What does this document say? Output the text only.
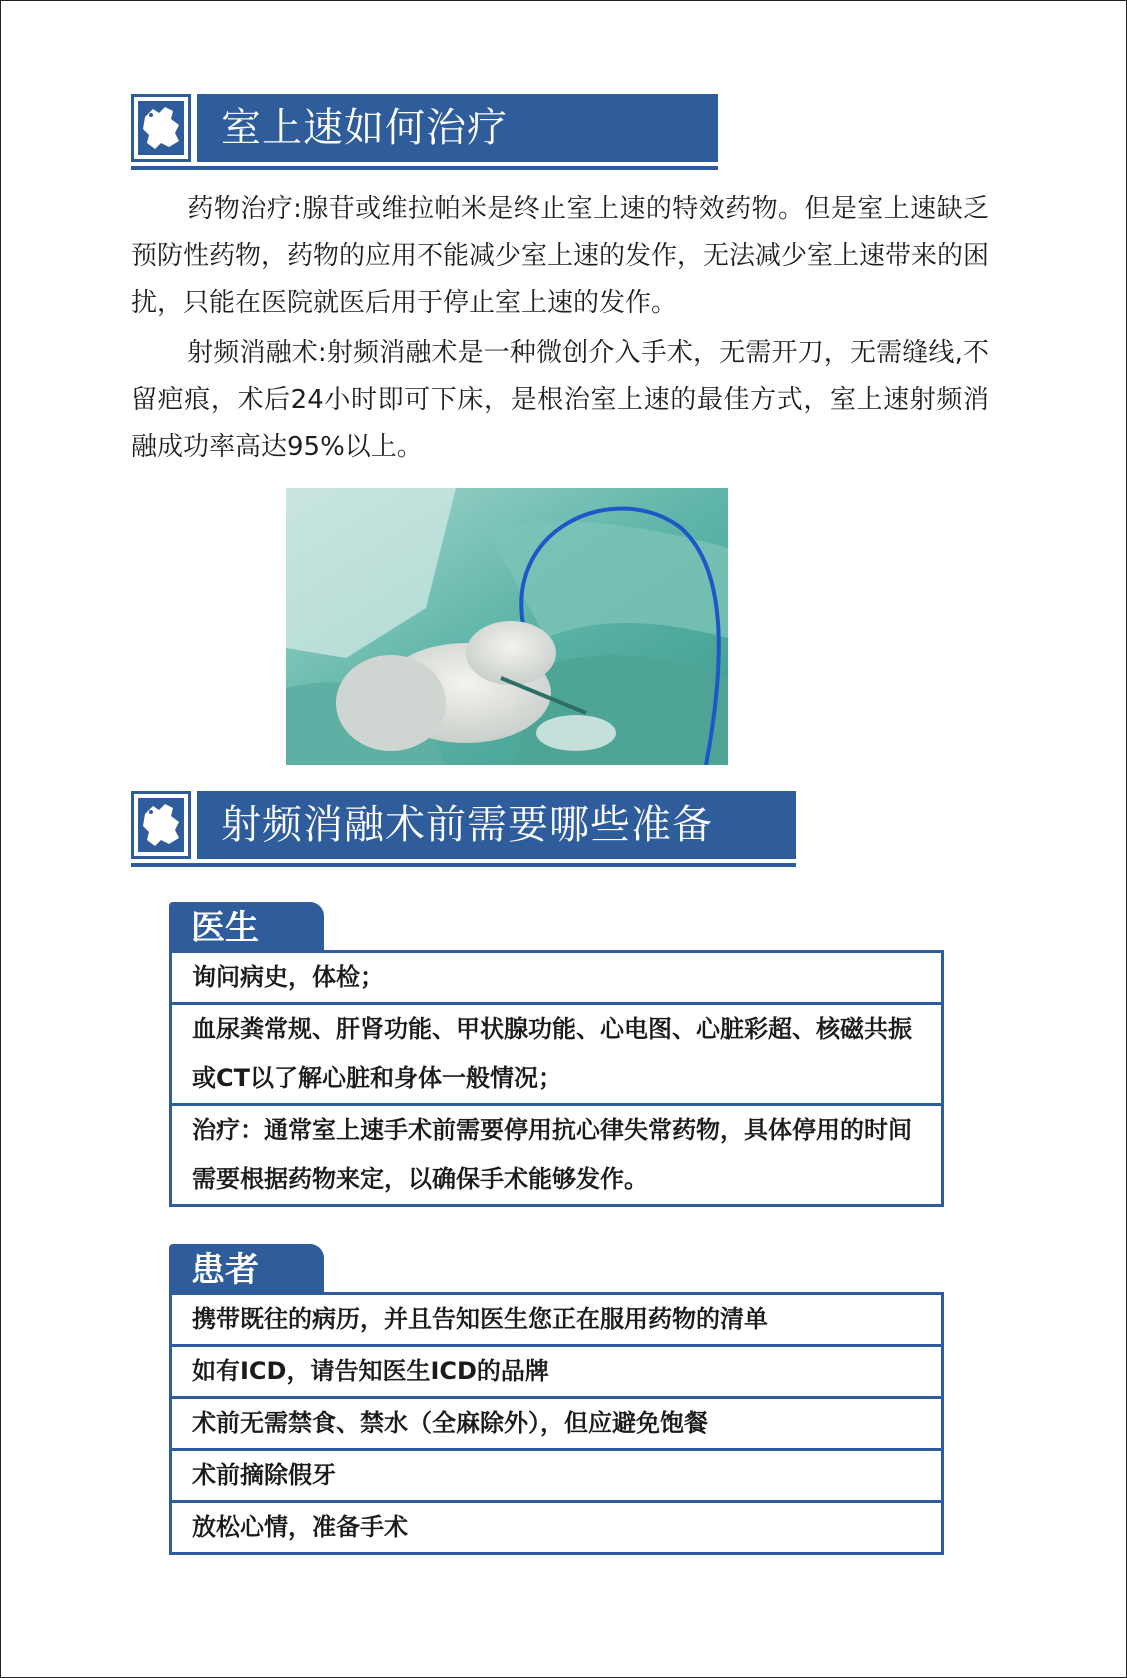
室上速如何治疗

药物治疗:腺苷或维拉帕米是终止室上速的特效药物。但是室上速缺乏预防性药物，药物的应用不能减少室上速的发作，无法减少室上速带来的困扰，只能在医院就医后用于停止室上速的发作。

射频消融术:射频消融术是一种微创介入手术，无需开刀，无需缝线,不留疤痕，术后24小时即可下床，是根治室上速的最佳方式，室上速射频消融成功率高达95%以上。

射频消融术前需要哪些准备
医生
询问病史，体检；
血尿粪常规、肝肾功能、甲状腺功能、心电图、心脏彩超、核磁共振或CT以了解心脏和身体一般情况；
治疗：通常室上速手术前需要停用抗心律失常药物，具体停用的时间需要根据药物来定，以确保手术能够发作。
患者
携带既往的病历，并且告知医生您正在服用药物的清单
如有ICD，请告知医生ICD的品牌
术前无需禁食、禁水（全麻除外），但应避免饱餐
术前摘除假牙
放松心情，准备手术
